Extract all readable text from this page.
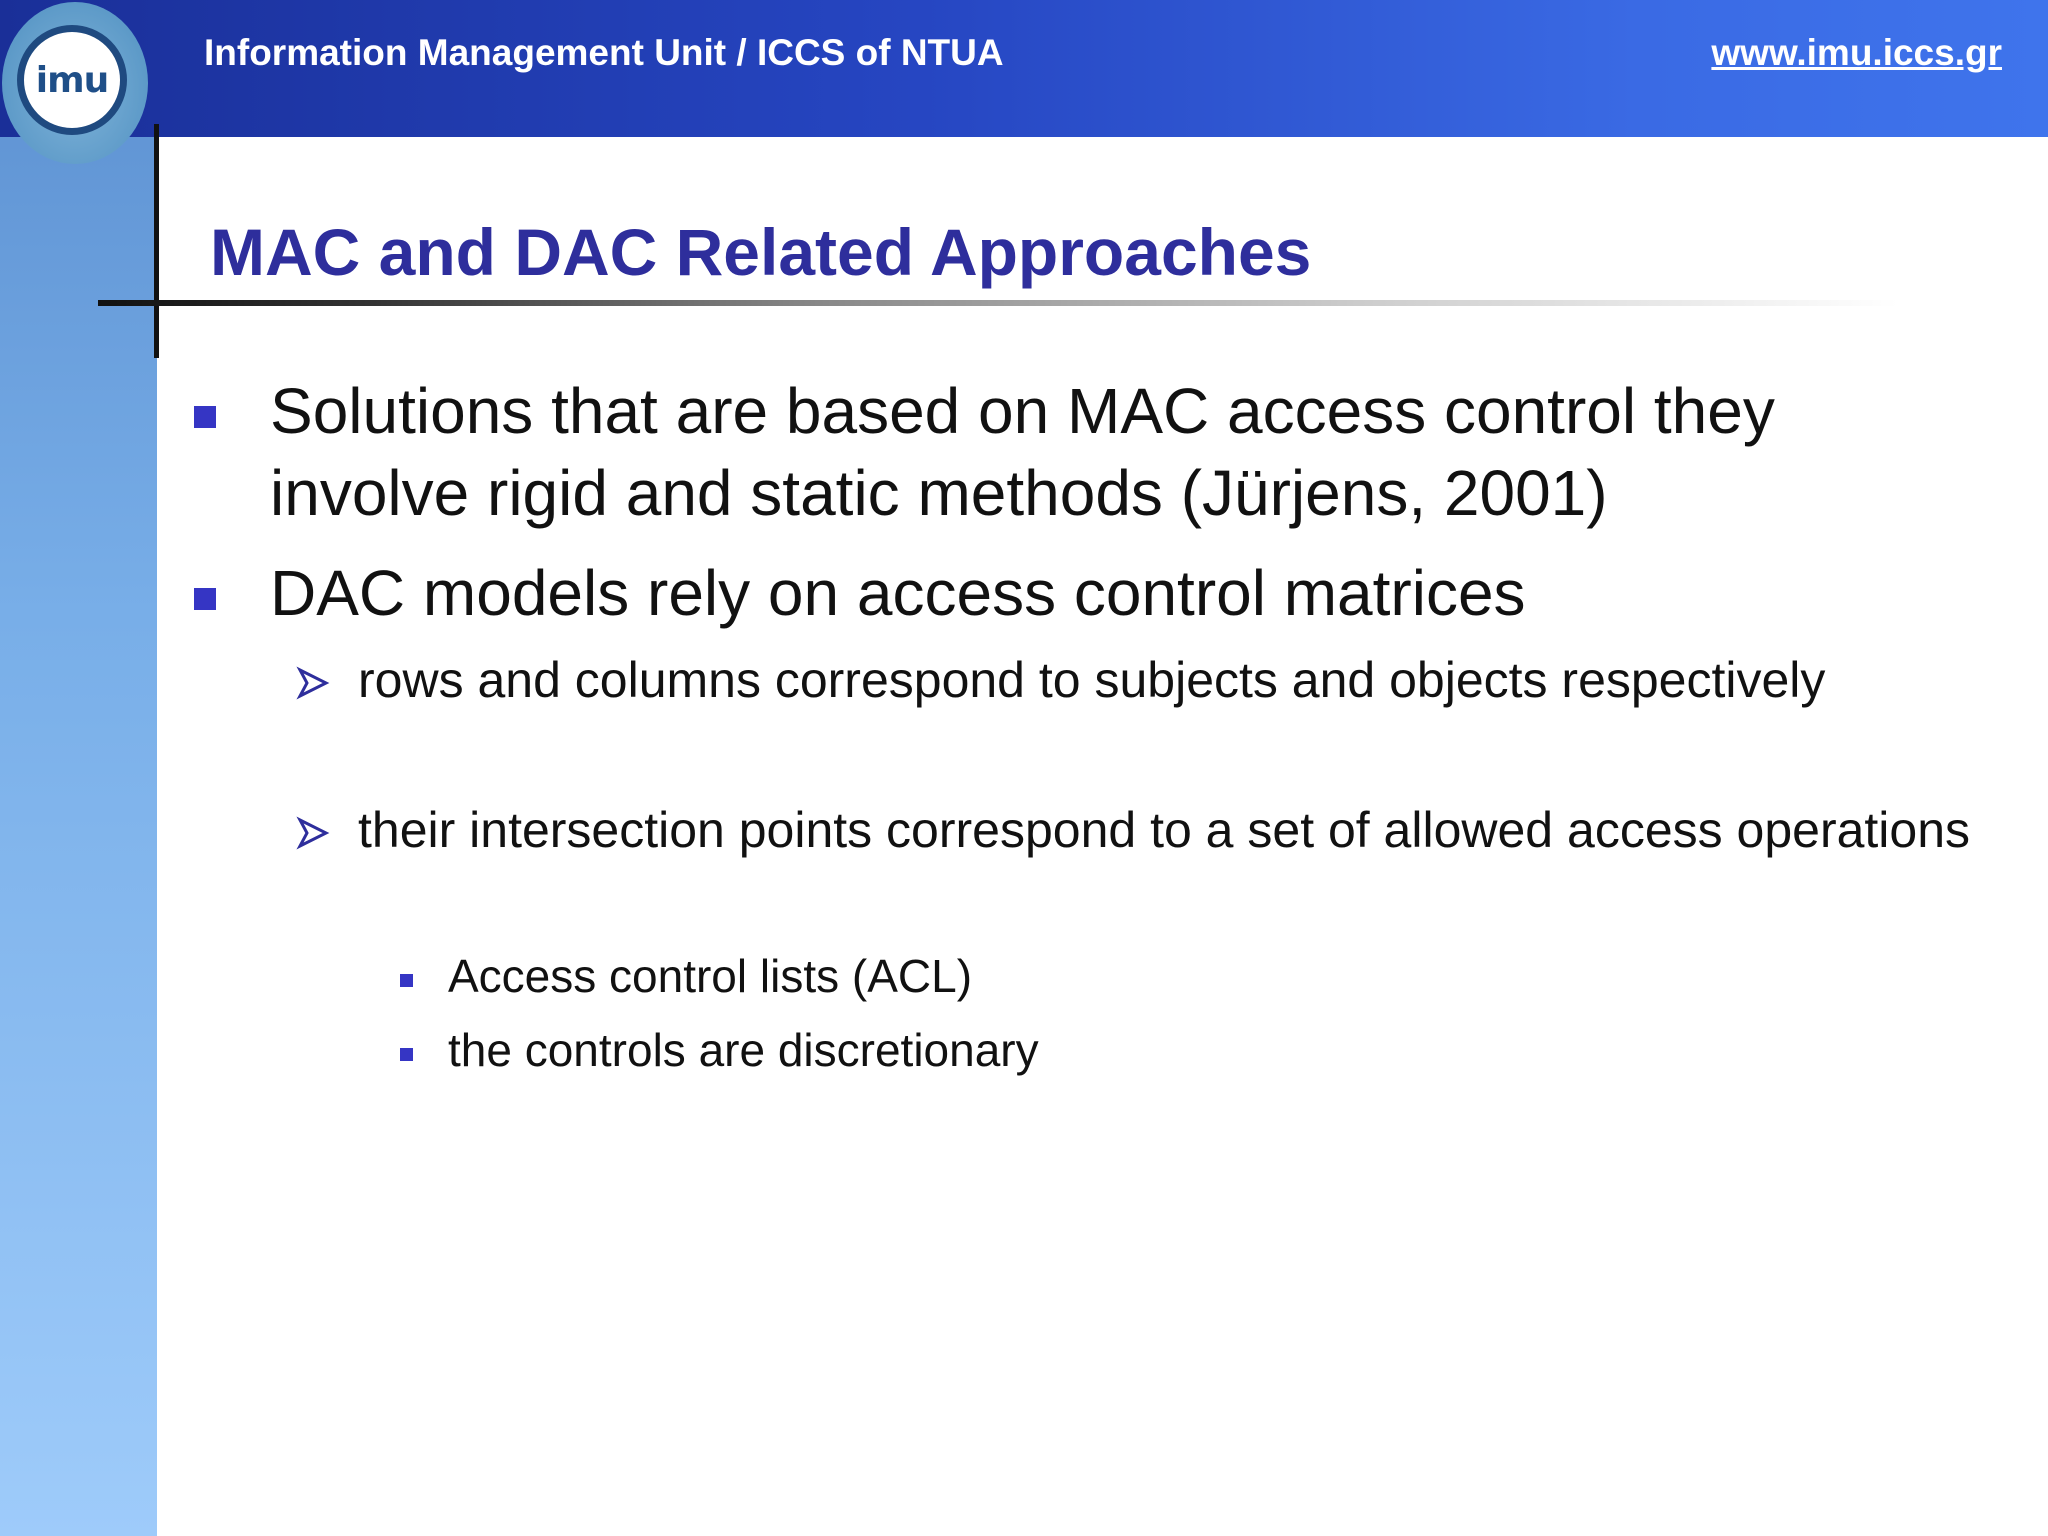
imu
Information Management Unit / ICCS of NTUA	www.imu.iccs.gr
MAC and DAC Related Approaches
Solutions that are based on MAC access control they involve rigid and static methods (Jürjens, 2001)
DAC models rely on access control matrices
rows and columns correspond to subjects and objects respectively
their intersection points correspond to a set of allowed access operations
Access control lists (ACL)
the controls are discretionary
